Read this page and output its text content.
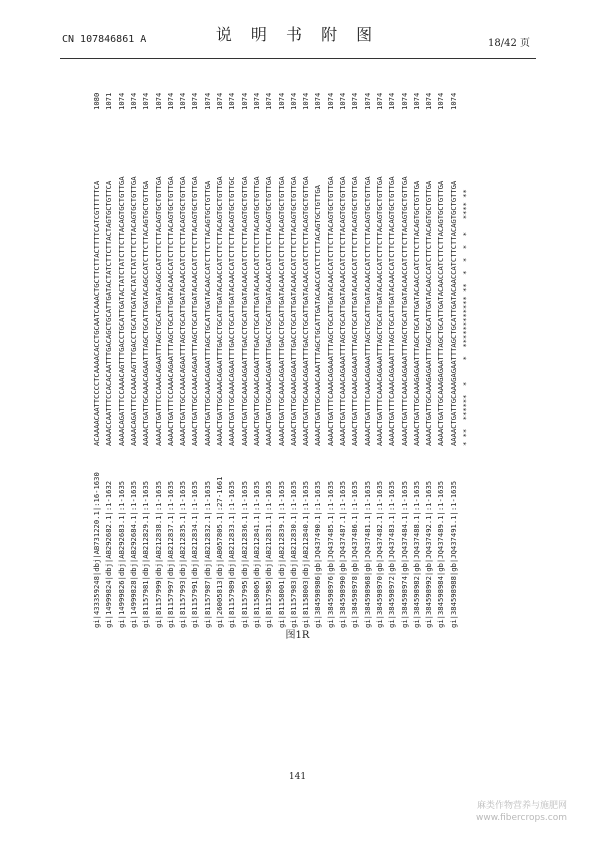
CN 107846861 A	说 明 书 附 图	18/42 页
gi|433359248|dbj|AB731220.1|:16-1630
ACAAAACAATTCCCCTCAAAACACCTGCAATCAAACTGCTTCTTACTTTTCATCGTTTTTCA
1080
gi|14999824|dbj|AB292682.1|:1-1632
AAAACCAATTTCCACACAATTTGACAGCTGCATTGATACTATCTTCTTACTAGTGCTGTTCA
1071
gi|14999826|dbj|AB292683.1|:1-1635
AAAACAGATTTCCAAACAGTTTGACCTGCATTGATACTATCTATCTTCTTACAGTGCTGTTGA
1074
gi|14999828|dbj|AB292684.1|:1-1635
AAAACAGATTTCCAAACAGTTTGACCTGCATTGATACTATCTATCTTCTTACAGTGCTGTTGA
1074
gi|81157981|dbj|AB212829.1|:1-1635
AAAACTGATTGCAAACAGAATTTAGCTGCATTGATACAGCCATCTTCTTACAGTGCTGTTGA
1074
gi|81157999|dbj|AB212838.1|:1-1635
AAAACTGATTTCCAAACAGAATTTAGCTGCATTGATACAGCCATCTTCTTACAGTGCTGTTGA
1074
gi|81157997|dbj|AB212837.1|:1-1635
AAAACTGATTTCCAAACAGAATTTAGCTGCATTGATACAACCATCTTCTTACAGTGCTGTTGA
1074
gi|81157993|dbj|AB212835.1|:1-1635
AAAACTGATTGCCAAACAGAATTTAGCTGCATTGATACAACCATCTTCTTACAGTGCTGTTGA
1074
gi|81157991|dbj|AB212834.1|:1-1635
AAAACTGATTGCCAAACAGAATTTAGCTGCATTGATACAACCATCTTCTTACAGTGCTGTTGA
1074
gi|81157987|dbj|AB212832.1|:1-1635
AAAACTGATTGCAAACAGAATTTAGCTGCATTGATACAACCATCTTCTTACAGTGCTGTTGA
1074
gi|26005813|dbj|AB057805.1|:27-1661
AAAACTGATTGCAAACAGAATTTGACCTGCATTGATACAACCATCTTCTTACAGTGCTGTTGA
1074
gi|81157989|dbj|AB212833.1|:1-1635
AAAACTGATTGCAAACAGAATTTGACCTGCATTGATACAACCATCTTCTTACAGTGCTGTTGC
1074
gi|81157995|dbj|AB212836.1|:1-1635
AAAACTGATTGCAAACAGAATTTGACCTGCATTGATACAACCATCTTCTTACAGTGCTGTTGA
1074
gi|81158005|dbj|AB212841.1|:1-1635
AAAACTGATTGCAAACAGAATTTGACCTGCATTGATACAACCATCTTCTTACAGTGCTGTTGA
1074
gi|81157985|dbj|AB212831.1|:1-1635
AAAACTGATTGCAAACAGAATTTGACCTGCATTGATACAACCATCTTCTTACAGTGCTGTTGA
1074
gi|81158001|dbj|AB212839.1|:1-1635
AAAACTGATTGCAAACAGAATTTGACCTGCATTGATACAACCATCTTCTTACAGTGCTGTTGA
1074
gi|81157983|dbj|AB212830.1|:1-1635
AAAACTGATTGCAAACAGAATTTGACCTGCATTGATACAACCATCTTCTTACAGTGCTGTTGA
1074
gi|81158003|dbj|AB212840.1|:1-1635
AAAACTGATTGCAAACAGAATTTGACCTGCATTGATACAACCATCTTCTTACAGTGCTGTTGA
1074
gi|384598986|gb|JQ437490.1|:1-1635
AAAACTGATTGCAAACAAATTTAGCTGCATTGATACAACCATCTTCTTACAGTGCTGTTGA
1074
gi|384598976|gb|JQ437485.1|:1-1635
AAAACTGATTTCAAACAGAAATTTAGCTGCATTGATACAACCATCTTCTTACAGTGCTGTTGA
1074
gi|384598990|gb|JQ437487.1|:1-1635
AAAACTGATTTCAAACAGAAATTTAGCTGCATTGATACAACCATCTTCTTACAGTGCTGTTGA
1074
gi|384598978|gb|JQ437486.1|:1-1635
AAAACTGATTTCAAACAGAAATTTAGCTGCATTGATACAACCATCTTCTTACAGTGCTGTTGA
1074
gi|384598968|gb|JQ437481.1|:1-1635
AAAACTGATTTCAAACAGAAATTTAGCTGCATTGATACAACCATCTTCTTACAGTGCTGTTGA
1074
gi|384598970|gb|JQ437482.1|:1-1635
AAAACTGATTTCAAACAGAAATTTAGCTGCATTGATACAACCATCTTCTTACAGTGCTGTTGA
1074
gi|384598972|gb|JQ437483.1|:1-1635
AAAACTGATTTCAAACAGAAATTTAGCTGCATTGATACAACCATCTTCTTACAGTGCTGTTGA
1074
gi|384598974|gb|JQ437484.1|:1-1635
AAAACTGATTTCAAACAGAAATTTAGCTGCATTGATACAACCATCTTCTTACAGTGCTGTTGA
1074
gi|384598982|gb|JQ437488.1|:1-1635
AAAACTGATTGCAAAGAGAATTTAGCTGCATTGATACAACCATCTTCTTACAGTGCTGTTGA
1074
gi|384598992|gb|JQ437492.1|:1-1635
AAAACTGATTGCAAAGAGAATTTAGCTGCATTGATACAACCATCTTCTTACAGTGCTGTTGA
1074
gi|384598984|gb|JQ437489.1|:1-1635
AAAACTGATTGCAAAGAGAATTTAGCTGCATTGATACAACCATCTTCTTACAGTGCTGTTGA
1074
gi|384598988|gb|JQ437491.1|:1-1635
AAAACTGATTGCAAAGAGAATTTAGCTGCATTGATACAACCATCTTCTTACAGTGCTGTTGA
1074
* **  ******  *     *  ************ **  *  *  *  *   **** **
图1R
141
麻类作物营养与施肥网
www.fibercrops.com
